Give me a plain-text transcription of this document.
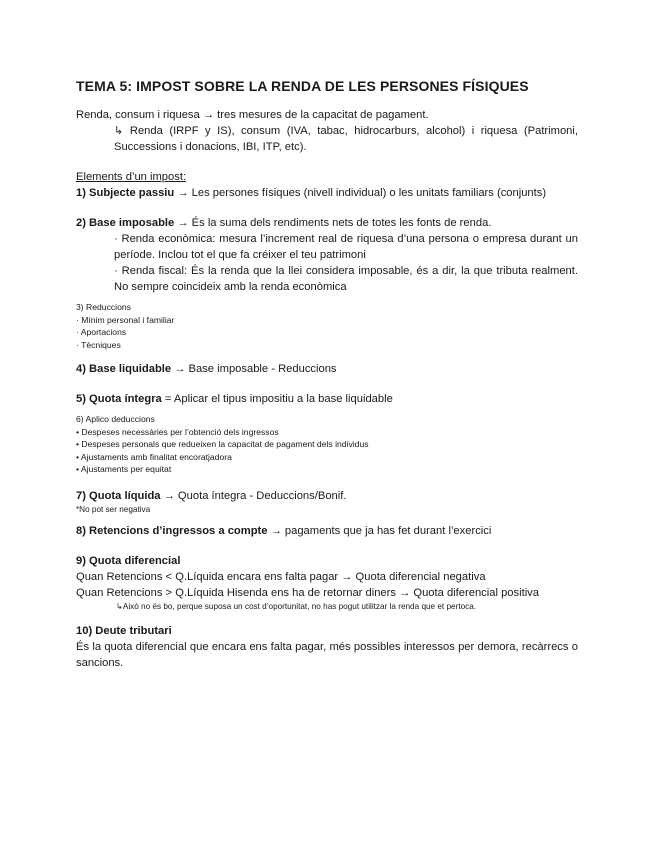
TEMA 5: IMPOST SOBRE LA RENDA DE LES PERSONES FÍSIQUES

Renda, consum i riquesa → tres mesures de la capacitat de pagament.

↳ Renda (IRPF y IS), consum (IVA, tabac, hidrocarburs, alcohol) i riquesa (Patrimoni, Successions i donacions, IBI, ITP, etc).

Elements d’un impost:

1) Subjecte passiu → Les persones físiques (nivell individual) o les unitats familiars (conjunts)

2) Base imposable → És la suma dels rendiments nets de totes les fonts de renda.

· Renda econòmica: mesura l’increment real de riquesa d’una persona o empresa durant un període. Inclou tot el que fa créixer el teu patrimoni

· Renda fiscal: És la renda que la llei considera imposable, és a dir, la que tributa realment. No sempre coincideix amb la renda econòmica

3) Reduccions

· Mínim personal i familiar

· Aportacions

· Tècniques

4) Base liquidable → Base imposable - Reduccions

5) Quota íntegra = Aplicar el tipus impositiu a la base liquidable

6) Aplico deduccions

• Despeses necessàries per l’obtenció dels ingressos

• Despeses personals que redueixen la capacitat de pagament dels individus

• Ajustaments amb finalitat encoratjadora

• Ajustaments per equitat

7) Quota líquida → Quota íntegra - Deduccions/Bonif.

*No pot ser negativa

8) Retencions d’ingressos a compte → pagaments que ja has fet durant l’exercici

9) Quota diferencial

Quan Retencions < Q.Líquida encara ens falta pagar → Quota diferencial negativa

Quan Retencions > Q.Líquida Hisenda ens ha de retornar diners → Quota diferencial positiva

↳Això no és bo, perque suposa un cost d’oportunitat, no has pogut utilitzar la renda que et pertoca.

10) Deute tributari

És la quota diferencial que encara ens falta pagar, més possibles interessos per demora, recàrrecs o sancions.
